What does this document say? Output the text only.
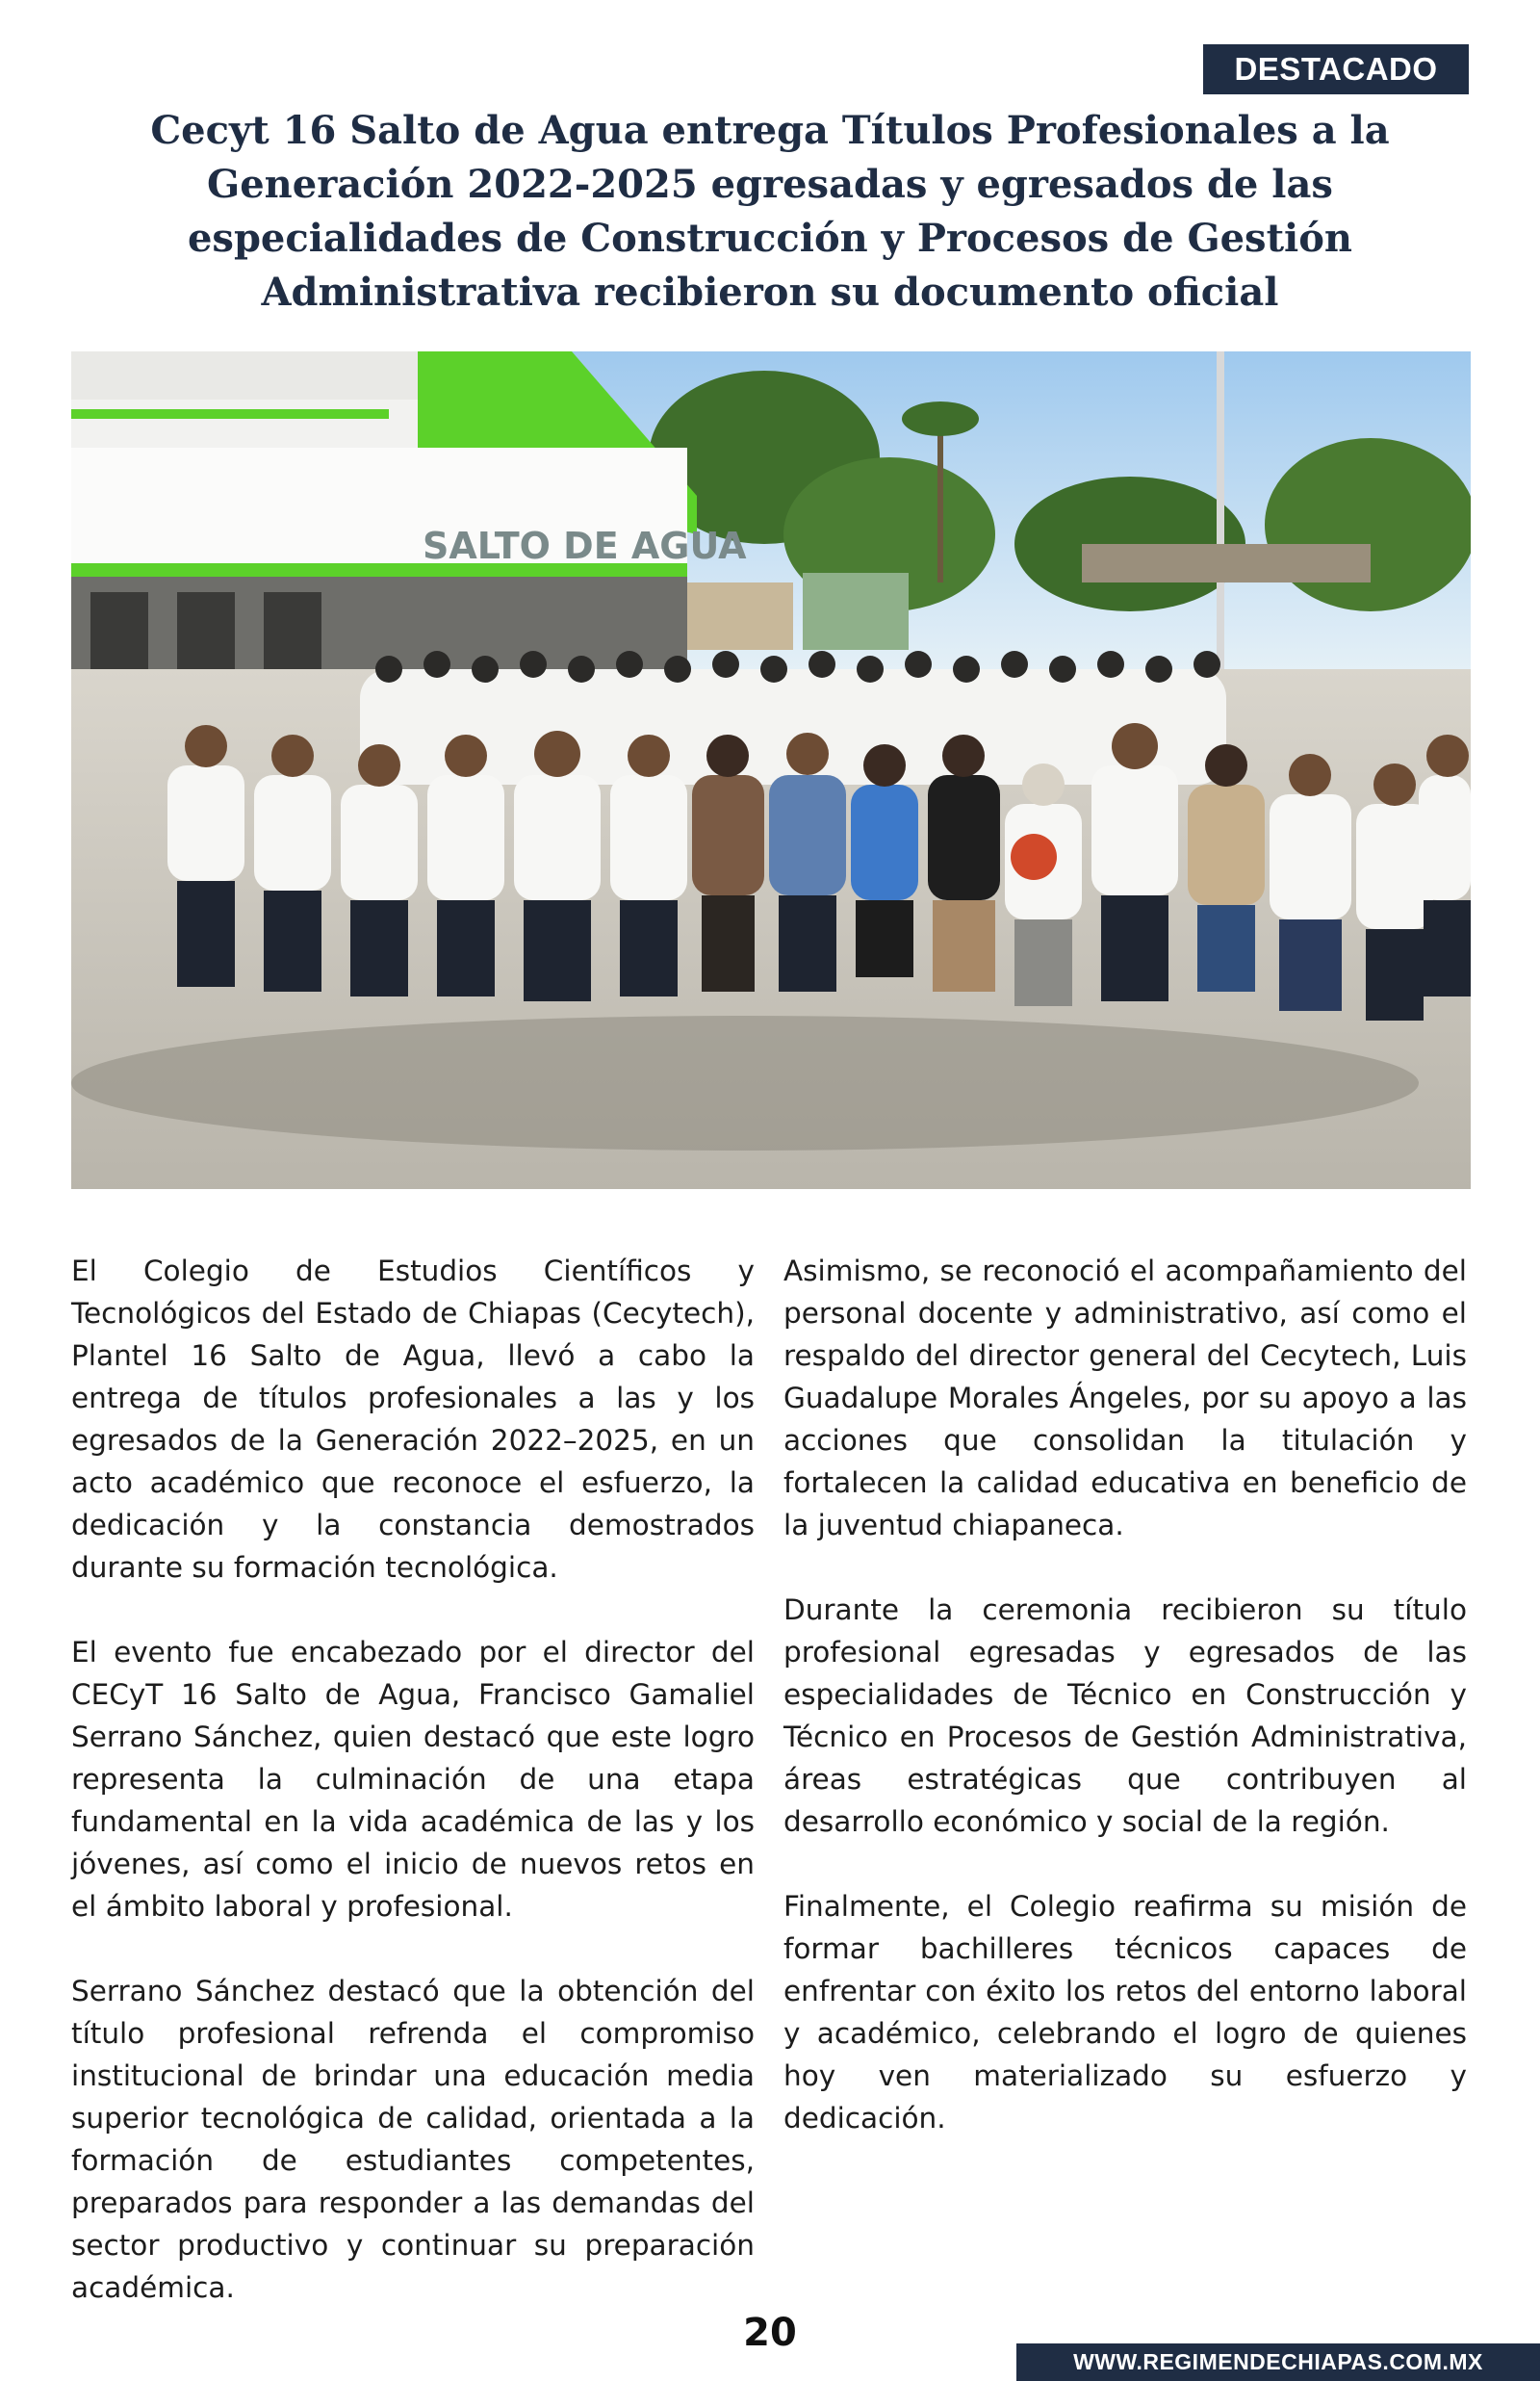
DESTACADO
Cecyt 16 Salto de Agua entrega Títulos Profesionales a la Generación 2022-2025 egresadas y egresados de las especialidades de Construcción y Procesos de Gestión Administrativa recibieron su documento oficial
SALTO DE AGUA

El Colegio de Estudios Científicos y Tecnológicos del Estado de Chiapas (Cecytech), Plantel 16 Salto de Agua, llevó a cabo la entrega de títulos profesionales a las y los egresados de la Generación 2022–2025, en un acto académico que reconoce el esfuerzo, la dedicación y la constancia demostrados durante su formación tecnológica.

El evento fue encabezado por el director del CECyT 16 Salto de Agua, Francisco Gamaliel Serrano Sánchez, quien destacó que este logro representa la culminación de una etapa fundamental en la vida académica de las y los jóvenes, así como el inicio de nuevos retos en el ámbito laboral y profesional.

Serrano Sánchez destacó que la obtención del título profesional refrenda el compromiso institucional de brindar una educación media superior tecnológica de calidad, orientada a la formación de estudiantes competentes, preparados para responder a las demandas del sector productivo y continuar su preparación académica.

Asimismo, se reconoció el acompañamiento del personal docente y administrativo, así como el respaldo del director general del Cecytech, Luis Guadalupe Morales Ángeles, por su apoyo a las acciones que consolidan la titulación y fortalecen la calidad educativa en beneficio de la juventud chiapaneca.

Durante la ceremonia recibieron su título profesional egresadas y egresados de las especialidades de Técnico en Construcción y Técnico en Procesos de Gestión Administrativa, áreas estratégicas que contribuyen al desarrollo económico y social de la región.

Finalmente, el Colegio reafirma su misión de formar bachilleres técnicos capaces de enfrentar con éxito los retos del entorno laboral y académico, celebrando el logro de quienes hoy ven materializado su esfuerzo y dedicación.

20
WWW.REGIMENDECHIAPAS.COM.MX
